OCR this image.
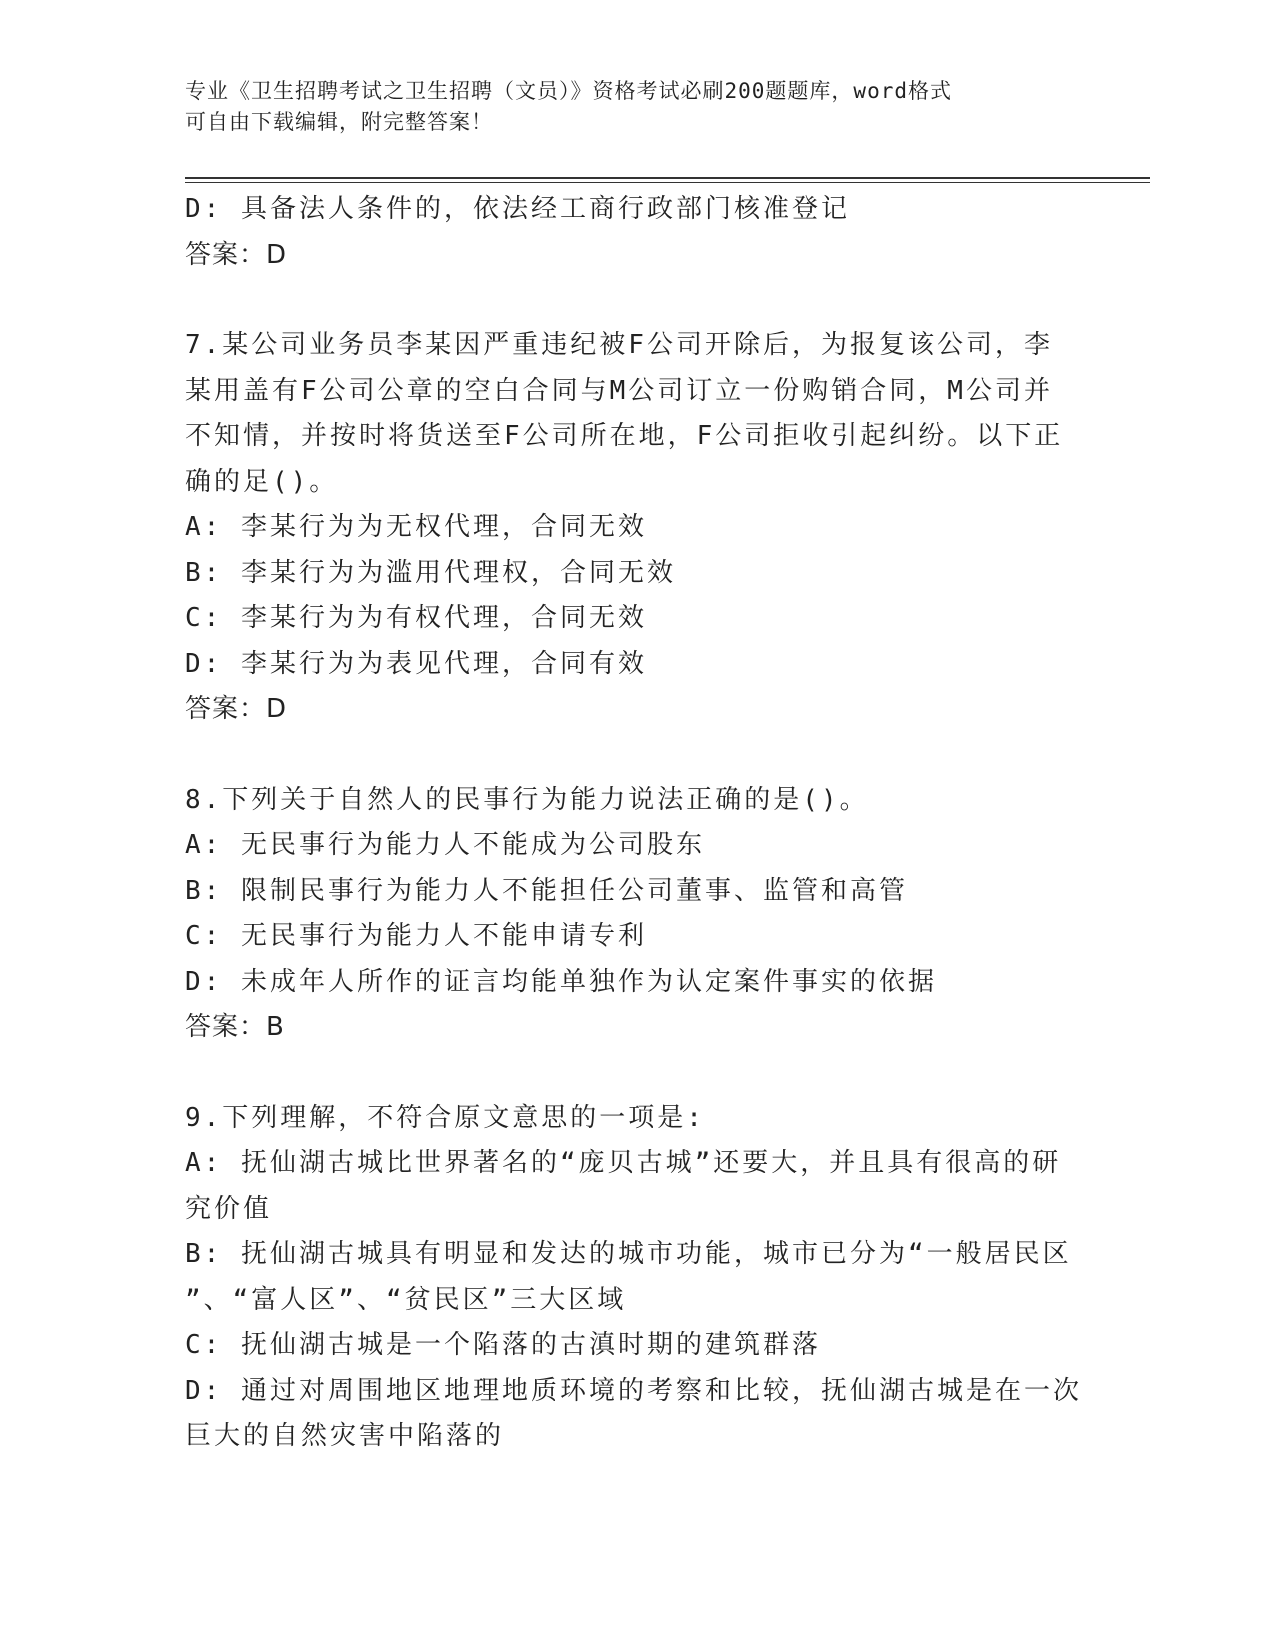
专业《卫生招聘考试之卫生招聘（文员）》资格考试必刷200题题库，word格式

可自由下载编辑，附完整答案！

D: 具备法人条件的，依法经工商行政部门核准登记

答案：D

7.某公司业务员李某因严重违纪被F公司开除后，为报复该公司，李

某用盖有F公司公章的空白合同与M公司订立一份购销合同，M公司并

不知情，并按时将货送至F公司所在地，F公司拒收引起纠纷。以下正

确的足()。

A: 李某行为为无权代理，合同无效

B: 李某行为为滥用代理权，合同无效

C: 李某行为为有权代理，合同无效

D: 李某行为为表见代理，合同有效

答案：D

8.下列关于自然人的民事行为能力说法正确的是()。

A: 无民事行为能力人不能成为公司股东

B: 限制民事行为能力人不能担任公司董事、监管和高管

C: 无民事行为能力人不能申请专利

D: 未成年人所作的证言均能单独作为认定案件事实的依据

答案：B

9.下列理解，不符合原文意思的一项是:

A: 抚仙湖古城比世界著名的“庞贝古城”还要大，并且具有很高的研

究价值

B: 抚仙湖古城具有明显和发达的城市功能，城市已分为“一般居民区

”、“富人区”、“贫民区”三大区域

C: 抚仙湖古城是一个陷落的古滇时期的建筑群落

D: 通过对周围地区地理地质环境的考察和比较，抚仙湖古城是在一次

巨大的自然灾害中陷落的
